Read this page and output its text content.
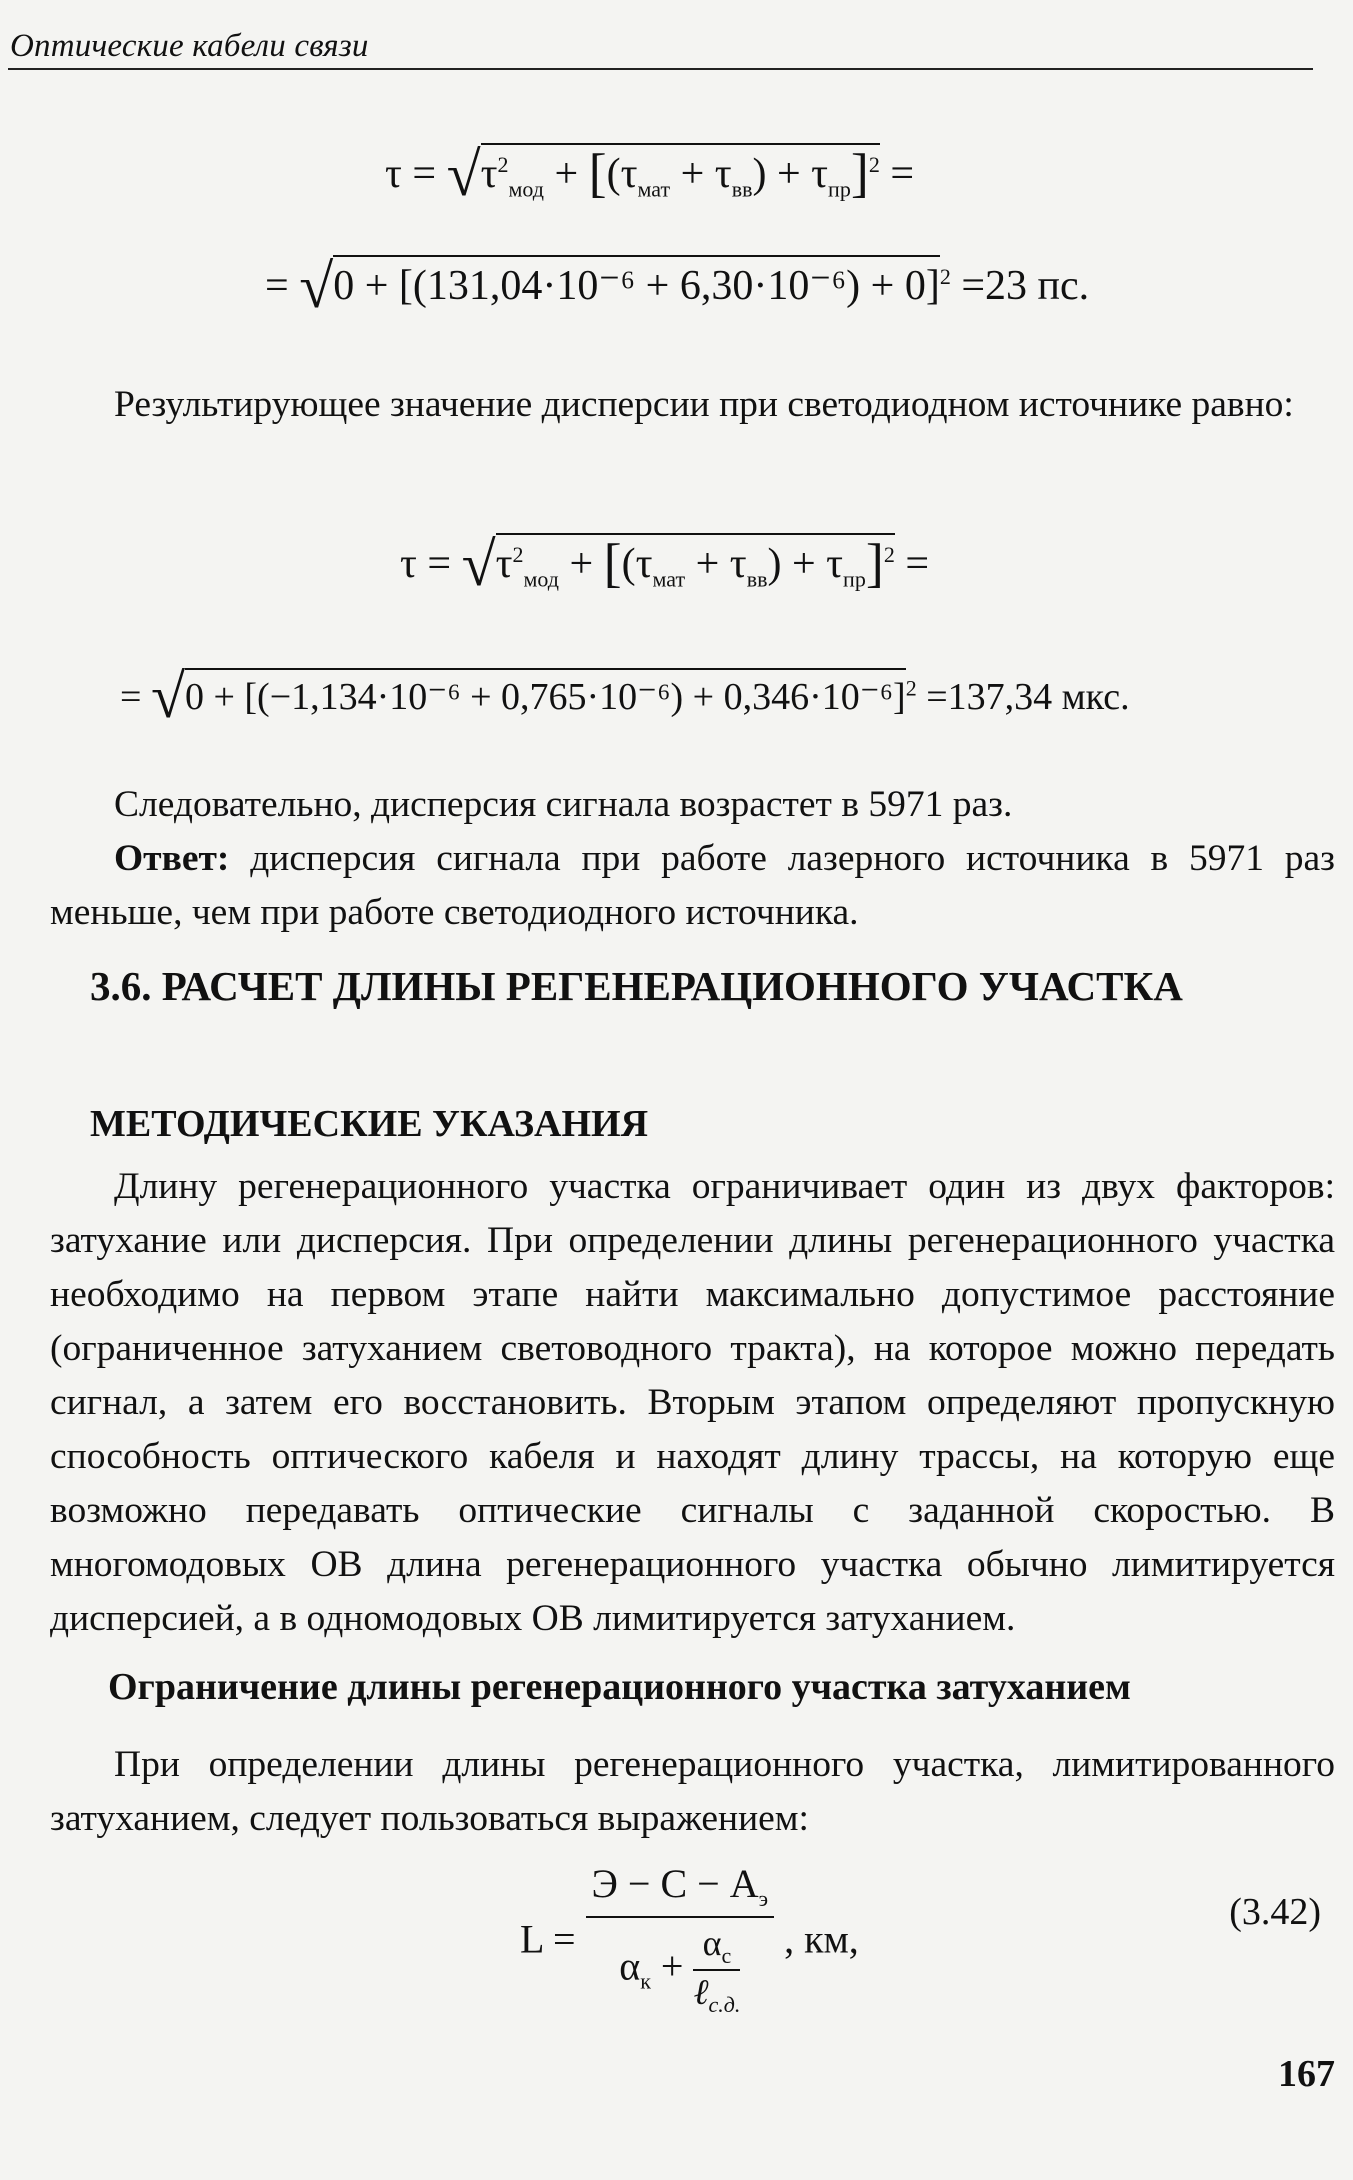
Оптические кабели связи
$\tau = √\tau^2_{мод} + [(\tau_{мат} + \tau_{вв}) + \tau_{пр}]^2$ =
= $√0 + [(131,04\cdot 10^{-6} + 6,30\cdot 10^{-6}) + 0]^2 =23$ пс.
Результирующее значение дисперсии при светодиодном источнике равно:
$\tau = √\tau^2_{мод} + [(\tau_{мат} + \tau_{вв}) + \tau_{пр}]^2$ =
= $√0 + [(-1,134\cdot 10^{-6} + 0,765\cdot 10^{-6}) + 0,346\cdot 10^{-6}]^2 =137,34$ мкс.
Следовательно, дисперсия сигнала возрастет в 5971 раз.
Ответ: дисперсия сигнала при работе лазерного источника в 5971 раз меньше, чем при работе светодиодного источника.
3.6. РАСЧЕТ ДЛИНЫ РЕГЕНЕРАЦИОННОГО УЧАСТКА
МЕТОДИЧЕСКИЕ УКАЗАНИЯ
Длину регенерационного участка ограничивает один из двух факторов: затухание или дисперсия. При определении длины регенерационного участка необходимо на первом этапе найти максимально допустимое расстояние (ограниченное затуханием световодного тракта), на которое можно передать сигнал, а затем его восстановить. Вторым этапом определяют пропускную способность оптического кабеля и находят длину трассы, на которую еще возможно передавать оптические сигналы с заданной скоростью. В многомодовых ОВ длина регенерационного участка обычно лимитируется дисперсией, а в одномодовых ОВ лимитируется затуханием.
Ограничение длины регенерационного участка затуханием
При определении длины регенерационного участка, лимитированного затуханием, следует пользоваться выражением:
$L = Э - С - А_э$
$\alpha_к$ +
$\alpha_с$
ℓ$_{с.д.}$ , км,
(3.42)
167
